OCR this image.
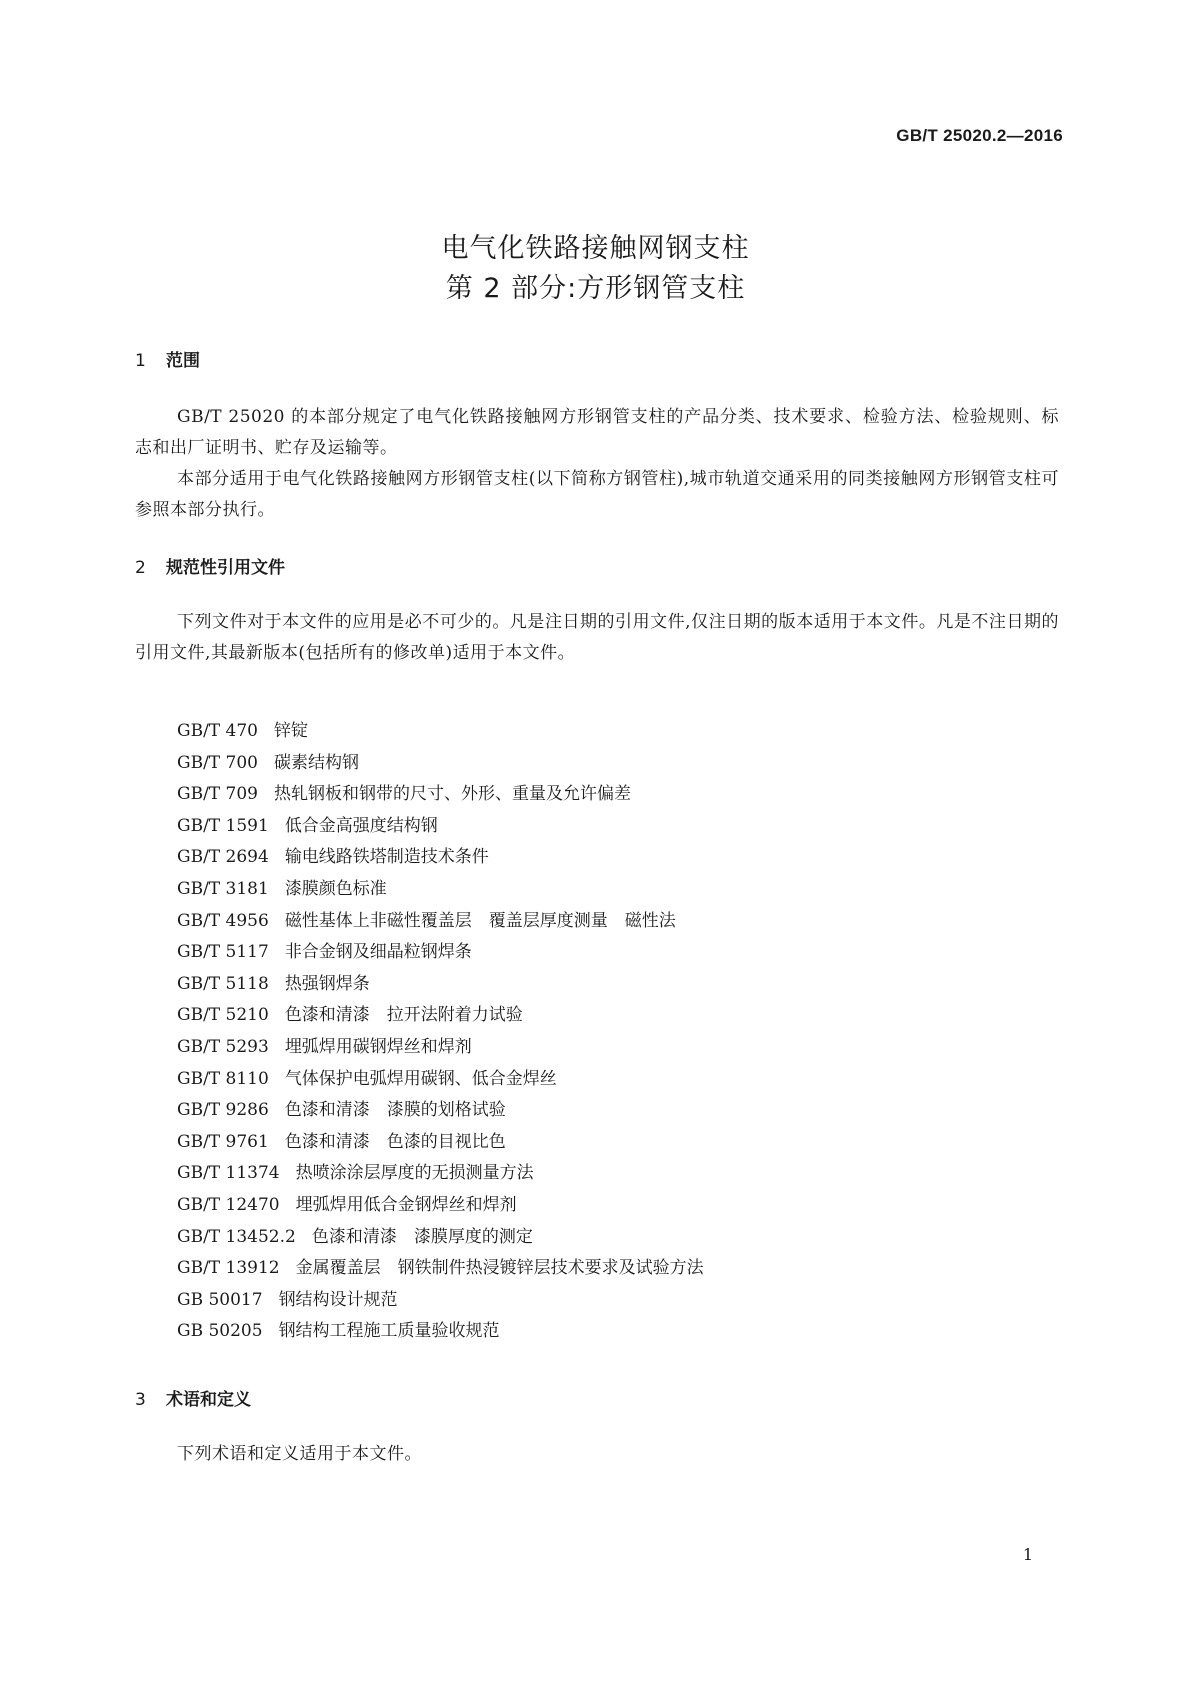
GB/T 25020.2—2016
电气化铁路接触网钢支柱
第 2 部分:方形钢管支柱
1 范围
GB/T 25020 的本部分规定了电气化铁路接触网方形钢管支柱的产品分类、技术要求、检验方法、检验规则、标志和出厂证明书、贮存及运输等。
本部分适用于电气化铁路接触网方形钢管支柱(以下简称方钢管柱),城市轨道交通采用的同类接触网方形钢管支柱可参照本部分执行。
2 规范性引用文件
下列文件对于本文件的应用是必不可少的。凡是注日期的引用文件,仅注日期的版本适用于本文件。凡是不注日期的引用文件,其最新版本(包括所有的修改单)适用于本文件。
GB/T 470 锌锭
GB/T 700 碳素结构钢
GB/T 709 热轧钢板和钢带的尺寸、外形、重量及允许偏差
GB/T 1591 低合金高强度结构钢
GB/T 2694 输电线路铁塔制造技术条件
GB/T 3181 漆膜颜色标准
GB/T 4956 磁性基体上非磁性覆盖层　覆盖层厚度测量　磁性法
GB/T 5117 非合金钢及细晶粒钢焊条
GB/T 5118 热强钢焊条
GB/T 5210 色漆和清漆　拉开法附着力试验
GB/T 5293 埋弧焊用碳钢焊丝和焊剂
GB/T 8110 气体保护电弧焊用碳钢、低合金焊丝
GB/T 9286 色漆和清漆　漆膜的划格试验
GB/T 9761 色漆和清漆　色漆的目视比色
GB/T 11374 热喷涂涂层厚度的无损测量方法
GB/T 12470 埋弧焊用低合金钢焊丝和焊剂
GB/T 13452.2 色漆和清漆　漆膜厚度的测定
GB/T 13912 金属覆盖层　钢铁制件热浸镀锌层技术要求及试验方法
GB 50017 钢结构设计规范
GB 50205 钢结构工程施工质量验收规范
3 术语和定义
下列术语和定义适用于本文件。
1
